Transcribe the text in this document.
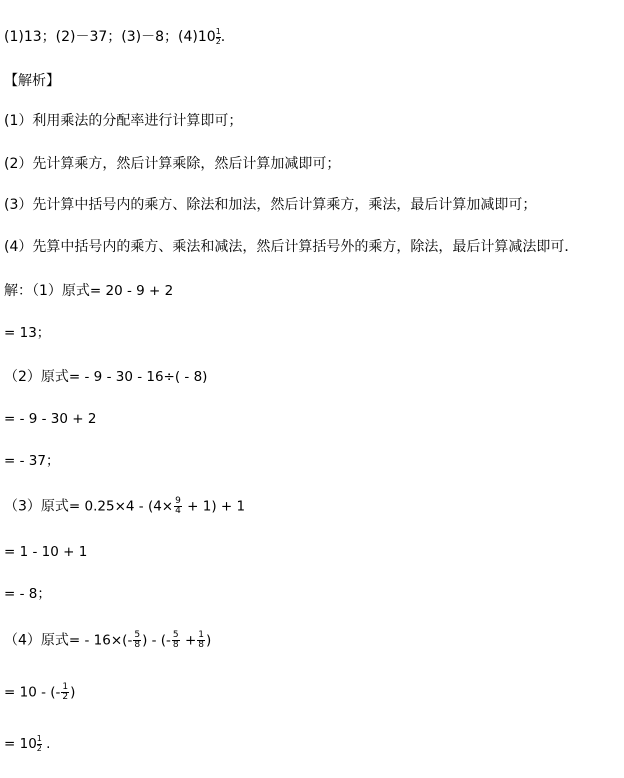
(1)13；(2)－37；(3)－8；$(4)10 \frac{1}{2}$ .
【解析】
(1）利用乘法的分配率进行计算即可；
(2）先计算乘方，然后计算乘除，然后计算加减即可；
(3）先计算中括号内的乘方、除法和加法，然后计算乘方，乘法，最后计算加减即可；
(4）先算中括号内的乘方、乘法和减法，然后计算括号外的乘方，除法，最后计算减法即可．
解：（1）原式= 20 - 9 + 2
= 13；
（2）原式= - 9 - 30 - 16÷( - 8)
= - 9 - 30 + 2
= - 37；
（3）原式= $0.25\times 4 - (4\times \frac{9}{4} + 1) + 1$
= 1 - 10 + 1
= - 8；
（4）原式= - $16\times(- \frac{5}{8}$ ) - (- $\frac{5}{8} + \frac{1}{8}$ )
= 10 - (- $\frac{1}{2}$ )
= $10 \frac{1}{2}$ .
